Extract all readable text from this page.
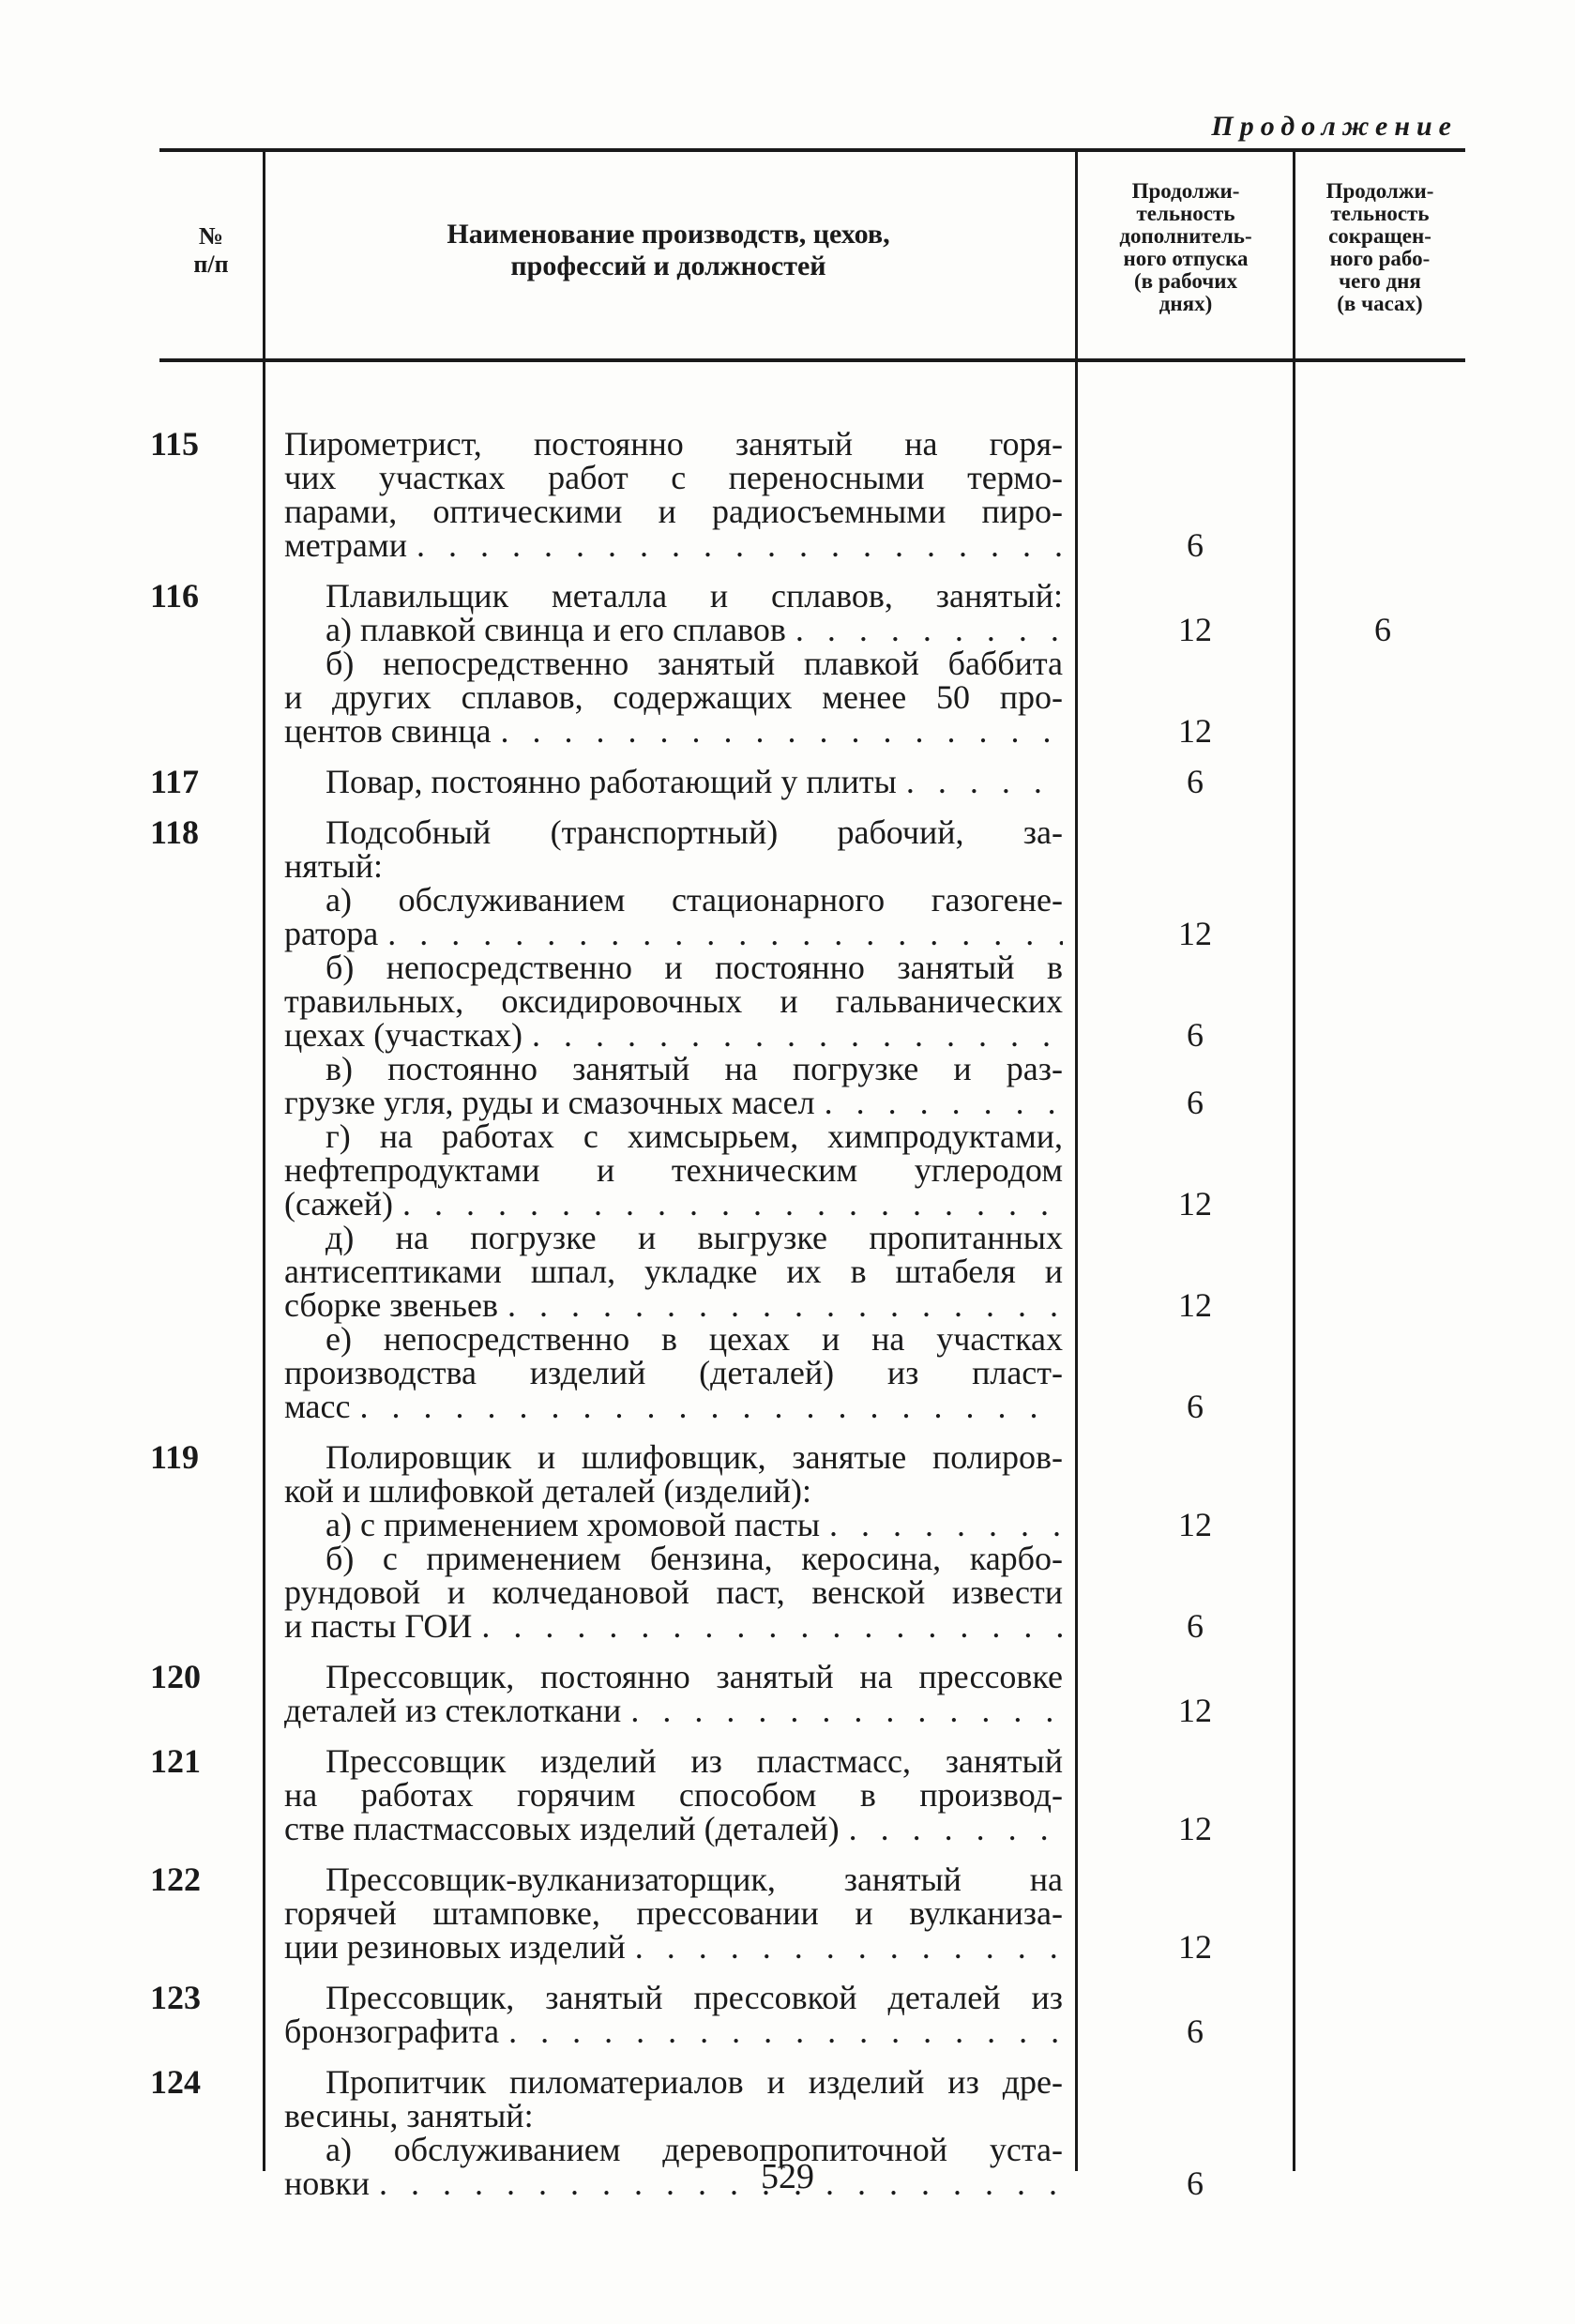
Продолжение
№
п/п
Наименование производств, цехов,
профессий и должностей
Продолжи-
тельность
дополнитель-
ного отпуска
(в рабочих
днях)
Продолжи-
тельность
сокращен-
ного рабо-
чего дня
(в часах)
115	Пирометрист, постоянно занятый на горя-
чих участках работ с переносными термо-
парами, оптическими и радиосъемными пиро-
метрами . . .	6
116	Плавильщик металла и сплавов, занятый:
а) плавкой свинца и его сплавов . . .	12	6
б) непосредственно занятый плавкой баббита
и других сплавов, содержащих менее 50 про-
центов свинца . . .	12
117	Повар, постоянно работающий у плиты . . .	6
118	Подсобный (транспортный) рабочий, за-
нятый:
а) обслуживанием стационарного газогене-
ратора . . .	12
б) непосредственно и постоянно занятый в
травильных, оксидировочных и гальванических
цехах (участках) . . .	6
в) постоянно занятый на погрузке и раз-
грузке угля, руды и смазочных масел . . .	6
г) на работах с химсырьем, химпродуктами,
нефтепродуктами и техническим углеродом
(сажей) . . .	12
д) на погрузке и выгрузке пропитанных
антисептиками шпал, укладке их в штабеля и
сборке звеньев . . .	12
е) непосредственно в цехах и на участках
производства изделий (деталей) из пласт-
масс . . .	6
119	Полировщик и шлифовщик, занятые полиров-
кой и шлифовкой деталей (изделий):
а) с применением хромовой пасты . . .	12
б) с применением бензина, керосина, карбо-
рундовой и колчедановой паст, венской извести
и пасты ГОИ . . .	6
120	Прессовщик, постоянно занятый на прессовке
деталей из стеклоткани . . .	12
121	Прессовщик изделий из пластмасс, занятый
на работах горячим способом в производ-
стве пластмассовых изделий (деталей) . . .	12
122	Прессовщик-вулканизаторщик, занятый на
горячей штамповке, прессовании и вулканиза-
ции резиновых изделий . . .	12
123	Прессовщик, занятый прессовкой деталей из
бронзографита . . .	6
124	Пропитчик пиломатериалов и изделий из дре-
весины, занятый:
а) обслуживанием деревопропиточной уста-
новки . . .	6
529
